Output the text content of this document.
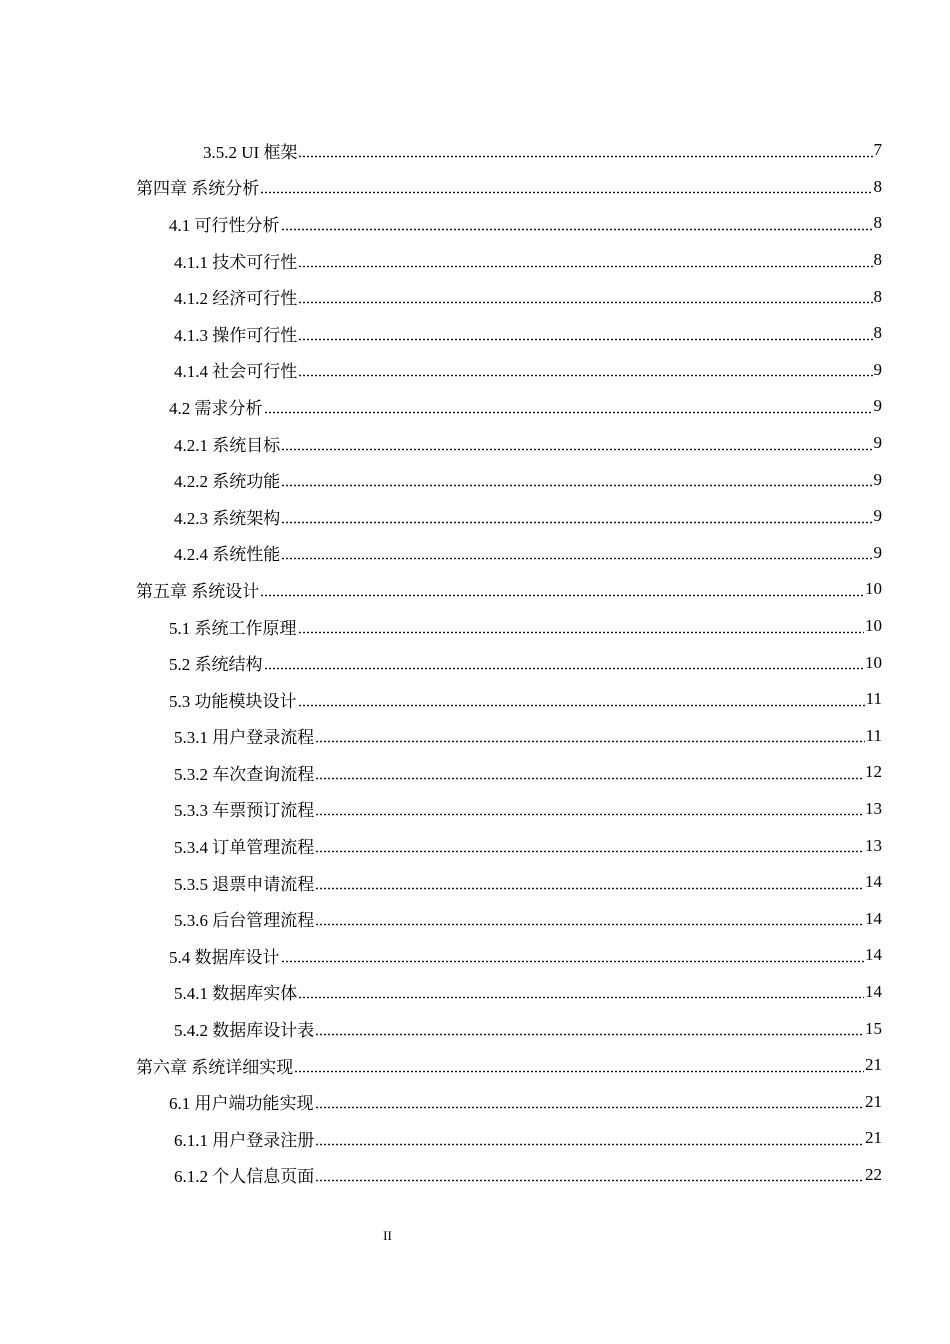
3.5.2 UI 框架	7
第四章 系统分析	8
4.1 可行性分析	8
4.1.1 技术可行性	8
4.1.2 经济可行性	8
4.1.3 操作可行性	8
4.1.4 社会可行性	9
4.2 需求分析	9
4.2.1 系统目标	9
4.2.2 系统功能	9
4.2.3 系统架构	9
4.2.4 系统性能	9
第五章 系统设计	10
5.1 系统工作原理	10
5.2 系统结构	10
5.3 功能模块设计	11
5.3.1 用户登录流程	11
5.3.2 车次查询流程	12
5.3.3 车票预订流程	13
5.3.4 订单管理流程	13
5.3.5 退票申请流程	14
5.3.6 后台管理流程	14
5.4 数据库设计	14
5.4.1 数据库实体	14
5.4.2 数据库设计表	15
第六章 系统详细实现	21
6.1 用户端功能实现	21
6.1.1 用户登录注册	21
6.1.2 个人信息页面	22
II
